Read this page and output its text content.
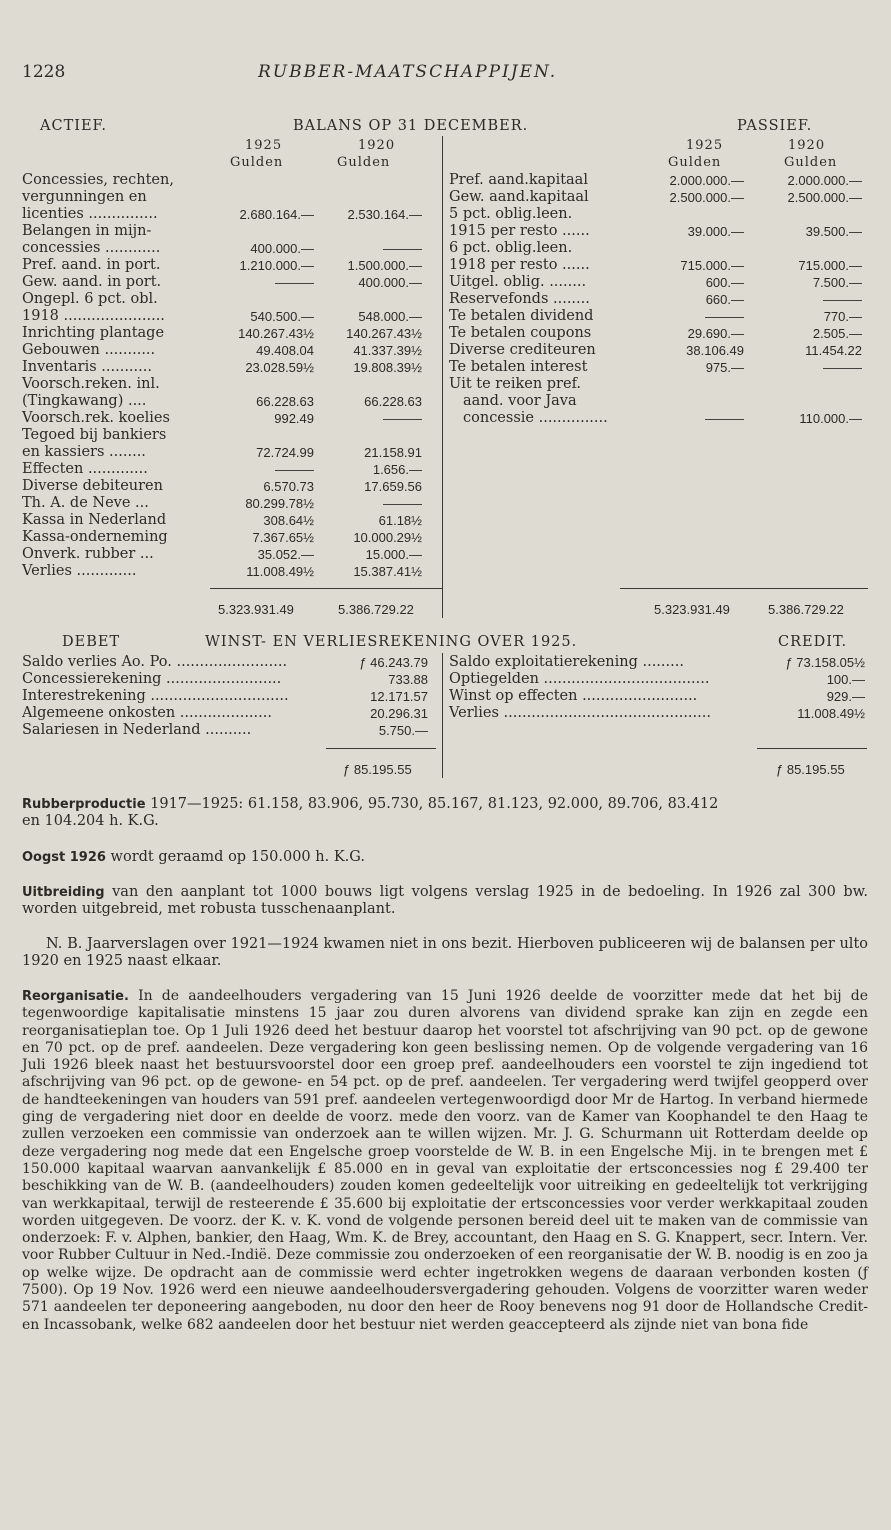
1228	RUBBER-MAATSCHAPPIJEN.
ACTIEF.	BALANS OP 31 DECEMBER.	PASSIEF.
1925	1920
Gulden	Gulden
1925	1920
Gulden	Gulden
Concessies, rechten,
vergunningen en
licenties ...............	2.680.164.—	2.530.164.—
Belangen in mijn-
concessies ............	400.000.—	———
Pref. aand. in port.	1.210.000.—	1.500.000.—
Gew. aand. in port.	———	400.000.—
Ongepl. 6 pct. obl.
1918 ......................	540.500.—	548.000.—
Inrichting plantage	140.267.43½ 140.267.43½
Gebouwen ...........	49.408.04	41.337.39½
Inventaris ...........	23.028.59½	19.808.39½
Voorsch.reken. inl.
(Tingkawang) ....	66.228.63	66.228.63
Voorsch.rek. koelies	992.49	———
Tegoed bij bankiers
en kassiers ........	72.724.99	21.158.91
Effecten .............	———	1.656.—
Diverse debiteuren	6.570.73	17.659.56
Th. A. de Neve ...	80.299.78½	———
Kassa in Nederland	308.64½	61.18½
Kassa-onderneming	7.367.65½	10.000.29½
Onverk. rubber ...	35.052.—	15.000.—
Verlies .............	11.008.49½	15.387.41½
Pref. aand.kapitaal	2.000.000.—	2.000.000.—
Gew. aand.kapitaal	2.500.000.—	2.500.000.—
5 pct. oblig.leen.
1915 per resto ......	39.000.—	39.500.—
6 pct. oblig.leen.
1918 per resto ......	715.000.—	715.000.—
Uitgel. oblig. ........	600.—	7.500.—
Reservefonds ........	660.—	———
Te betalen dividend	———	770.—
Te betalen coupons	29.690.—	2.505.—
Diverse crediteuren	38.106.49	11.454.22
Te betalen interest	975.—	———
Uit te reiken pref.
aand. voor Java
concessie ...............	———	110.000.—
5.323.931.49	5.386.729.22	5.323.931.49	5.386.729.22
DEBET	WINST- EN VERLIESREKENING OVER 1925.	CREDIT.
Saldo verlies Ao. Po. ........................	ƒ 46.243.79
Concessierekening .........................	733.88
Interestrekening ..............................	12.171.57
Algemeene onkosten ....................	20.296.31
Salariesen in Nederland ..........	5.750.—
Saldo exploitatierekening .........	ƒ 73.158.05½
Optiegelden ....................................	100.—
Winst op effecten .........................	929.—
Verlies .............................................	11.008.49½
ƒ 85.195.55	ƒ 85.195.55
Rubberproductie 1917—1925: 61.158, 83.906, 95.730, 85.167, 81.123, 92.000, 89.706, 83.412
en 104.204 h. K.G.
Oogst 1926 wordt geraamd op 150.000 h. K.G.
Uitbreiding van den aanplant tot 1000 bouws ligt volgens verslag 1925 in de bedoeling. In 1926 zal 300 bw. worden uitgebreid, met robusta tusschenaanplant.
N. B. Jaarverslagen over 1921—1924 kwamen niet in ons bezit. Hierboven publiceeren wij de balansen per ulto 1920 en 1925 naast elkaar.
Reorganisatie. In de aandeelhouders vergadering van 15 Juni 1926 deelde de voorzitter mede dat het bij de tegenwoordige kapitalisatie minstens 15 jaar zou duren alvorens van dividend sprake kan zijn en zegde een reorganisatieplan toe. Op 1 Juli 1926 deed het bestuur daarop het voorstel tot afschrijving van 90 pct. op de gewone en 70 pct. op de pref. aandeelen. Deze vergadering kon geen beslissing nemen. Op de volgende vergadering van 16 Juli 1926 bleek naast het bestuursvoorstel door een groep pref. aandeelhouders een voorstel te zijn ingediend tot afschrijving van 96 pct. op de gewone- en 54 pct. op de pref. aandeelen. Ter vergadering werd twijfel geopperd over de handteekeningen van houders van 591 pref. aandeelen vertegenwoordigd door Mr de Hartog. In verband hiermede ging de vergadering niet door en deelde de voorz. mede den voorz. van de Kamer van Koophandel te den Haag te zullen verzoeken een commissie van onderzoek aan te willen wijzen. Mr. J. G. Schurmann uit Rotterdam deelde op deze vergadering nog mede dat een Engelsche groep voorstelde de W. B. in een Engelsche Mij. in te brengen met £ 150.000 kapitaal waarvan aanvankelijk £ 85.000 en in geval van exploitatie der ertsconcessies nog £ 29.400 ter beschikking van de W. B. (aandeelhouders) zouden komen gedeeltelijk voor uitreiking en gedeeltelijk tot verkrijging van werkkapitaal, terwijl de resteerende £ 35.600 bij exploitatie der ertsconcessies voor verder werkkapitaal zouden worden uitgegeven. De voorz. der K. v. K. vond de volgende personen bereid deel uit te maken van de commissie van onderzoek: F. v. Alphen, bankier, den Haag, Wm. K. de Brey, accountant, den Haag en S. G. Knappert, secr. Intern. Ver. voor Rubber Cultuur in Ned.-Indië. Deze commissie zou onderzoeken of een reorganisatie der W. B. noodig is en zoo ja op welke wijze. De opdracht aan de commissie werd echter ingetrokken wegens de daaraan verbonden kosten (ƒ 7500). Op 19 Nov. 1926 werd een nieuwe aandeelhoudersvergadering gehouden. Volgens de voorzitter waren weder 571 aandeelen ter deponeering aangeboden, nu door den heer de Rooy benevens nog 91 door de Hollandsche Credit- en Incassobank, welke 682 aandeelen door het bestuur niet werden geaccepteerd als zijnde niet van bona fide
